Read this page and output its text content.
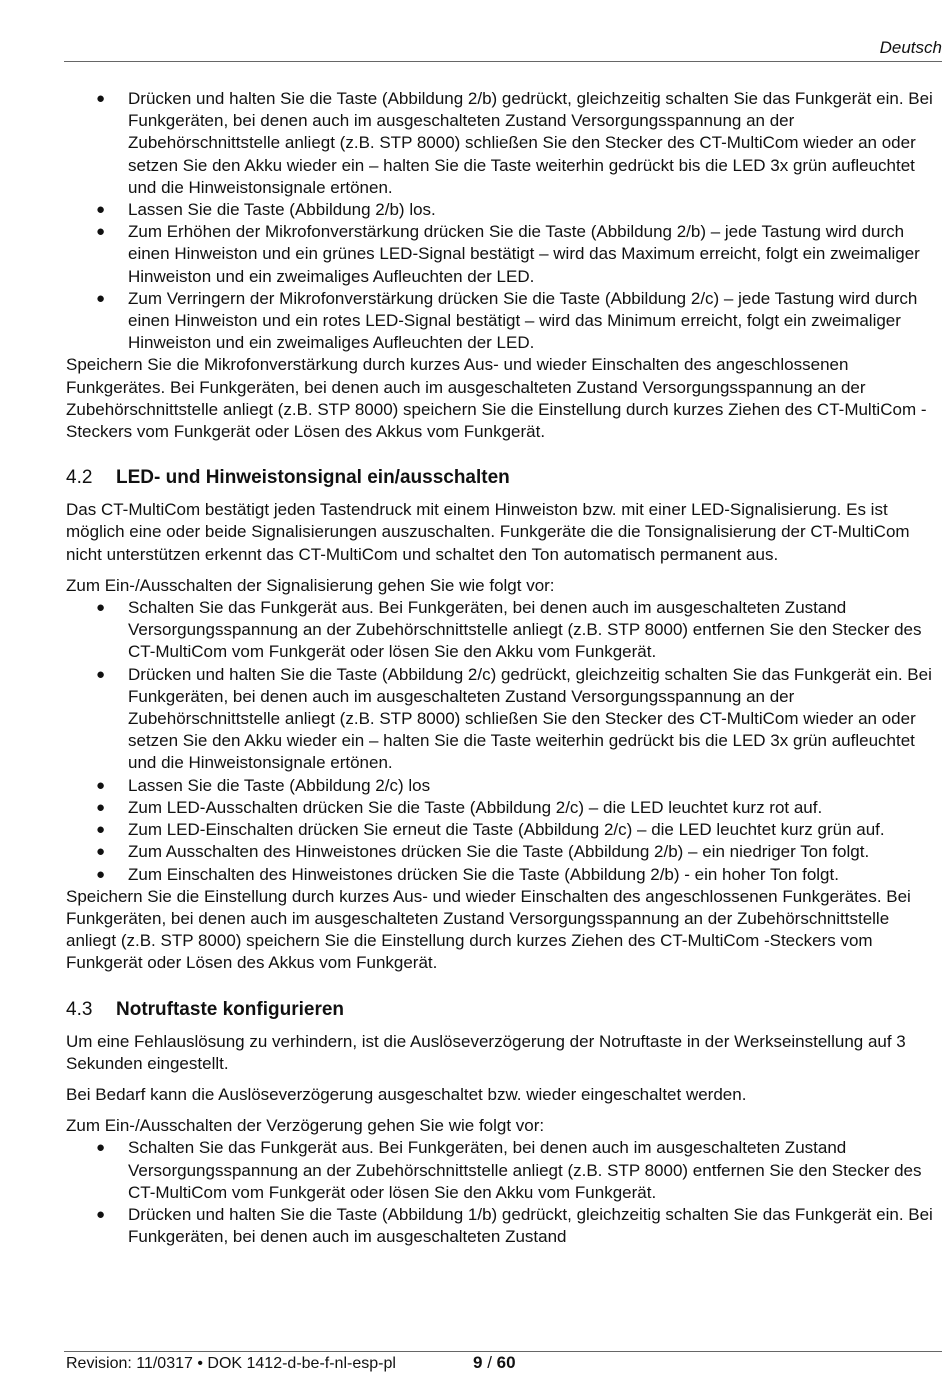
Deutsch
● Drücken und halten Sie die Taste (Abbildung 2/b) gedrückt, gleichzeitig schalten Sie das Funkgerät ein. Bei Funkgeräten, bei denen auch im ausgeschalteten Zustand Versorgungsspannung an der Zubehörschnittstelle anliegt (z.B. STP 8000) schließen Sie den Stecker des CT-MultiCom wieder an oder setzen Sie den Akku wieder ein – halten Sie die Taste weiterhin gedrückt bis die LED 3x grün aufleuchtet und die Hinweistonsignale ertönen.
● Lassen Sie die Taste (Abbildung 2/b) los.
● Zum Erhöhen der Mikrofonverstärkung drücken Sie die Taste (Abbildung 2/b) – jede Tastung wird durch einen Hinweiston und ein grünes LED-Signal bestätigt – wird das Maximum erreicht, folgt ein zweimaliger Hinweiston und ein zweimaliges Aufleuchten der LED.
● Zum Verringern der Mikrofonverstärkung drücken Sie die Taste (Abbildung 2/c) – jede Tastung wird durch einen Hinweiston und ein rotes LED-Signal bestätigt – wird das Minimum erreicht, folgt ein zweimaliger Hinweiston und ein zweimaliges Aufleuchten der LED.

Speichern Sie die Mikrofonverstärkung durch kurzes Aus- und wieder Einschalten des angeschlossenen Funkgerätes. Bei Funkgeräten, bei denen auch im ausgeschalteten Zustand Versorgungsspannung an der Zubehörschnittstelle anliegt (z.B. STP 8000) speichern Sie die Einstellung durch kurzes Ziehen des CT-MultiCom -Steckers vom Funkgerät oder Lösen des Akkus vom Funkgerät.

4.2 LED- und Hinweistonsignal ein/ausschalten

Das CT-MultiCom bestätigt jeden Tastendruck mit einem Hinweiston bzw. mit einer LED-Signalisierung. Es ist möglich eine oder beide Signalisierungen auszuschalten. Funkgeräte die die Tonsignalisierung der CT-MultiCom nicht unterstützen erkennt das CT-MultiCom und schaltet den Ton automatisch permanent aus.

Zum Ein-/Ausschalten der Signalisierung gehen Sie wie folgt vor:

● Schalten Sie das Funkgerät aus. Bei Funkgeräten, bei denen auch im ausgeschalteten Zustand Versorgungsspannung an der Zubehörschnittstelle anliegt (z.B. STP 8000) entfernen Sie den Stecker des CT-MultiCom vom Funkgerät oder lösen Sie den Akku vom Funkgerät.
● Drücken und halten Sie die Taste (Abbildung 2/c) gedrückt, gleichzeitig schalten Sie das Funkgerät ein. Bei Funkgeräten, bei denen auch im ausgeschalteten Zustand Versorgungsspannung an der Zubehörschnittstelle anliegt (z.B. STP 8000) schließen Sie den Stecker des CT-MultiCom wieder an oder setzen Sie den Akku wieder ein – halten Sie die Taste weiterhin gedrückt bis die LED 3x grün aufleuchtet und die Hinweistonsignale ertönen.
● Lassen Sie die Taste (Abbildung 2/c) los
● Zum LED-Ausschalten drücken Sie die Taste (Abbildung 2/c) – die LED leuchtet kurz rot auf.
● Zum LED-Einschalten drücken Sie erneut die Taste (Abbildung 2/c) – die LED leuchtet kurz grün auf.
● Zum Ausschalten des Hinweistones drücken Sie die Taste (Abbildung 2/b) – ein niedriger Ton folgt.
● Zum Einschalten des Hinweistones drücken Sie die Taste (Abbildung 2/b) - ein hoher Ton folgt.

Speichern Sie die Einstellung durch kurzes Aus- und wieder Einschalten des angeschlossenen Funkgerätes. Bei Funkgeräten, bei denen auch im ausgeschalteten Zustand Versorgungsspannung an der Zubehörschnittstelle anliegt (z.B. STP 8000) speichern Sie die Einstellung durch kurzes Ziehen des CT-MultiCom -Steckers vom Funkgerät oder Lösen des Akkus vom Funkgerät.

4.3 Notruftaste konfigurieren

Um eine Fehlauslösung zu verhindern, ist die Auslöseverzögerung der Notruftaste in der Werkseinstellung auf 3 Sekunden eingestellt.

Bei Bedarf kann die Auslöseverzögerung ausgeschaltet bzw. wieder eingeschaltet werden.

Zum Ein-/Ausschalten der Verzögerung gehen Sie wie folgt vor:

● Schalten Sie das Funkgerät aus. Bei Funkgeräten, bei denen auch im ausgeschalteten Zustand Versorgungsspannung an der Zubehörschnittstelle anliegt (z.B. STP 8000) entfernen Sie den Stecker des CT-MultiCom vom Funkgerät oder lösen Sie den Akku vom Funkgerät.
● Drücken und halten Sie die Taste (Abbildung 1/b) gedrückt, gleichzeitig schalten Sie das Funkgerät ein. Bei Funkgeräten, bei denen auch im ausgeschalteten Zustand
Revision: 11/0317 • DOK 1412-d-be-f-nl-esp-pl	9 / 60
